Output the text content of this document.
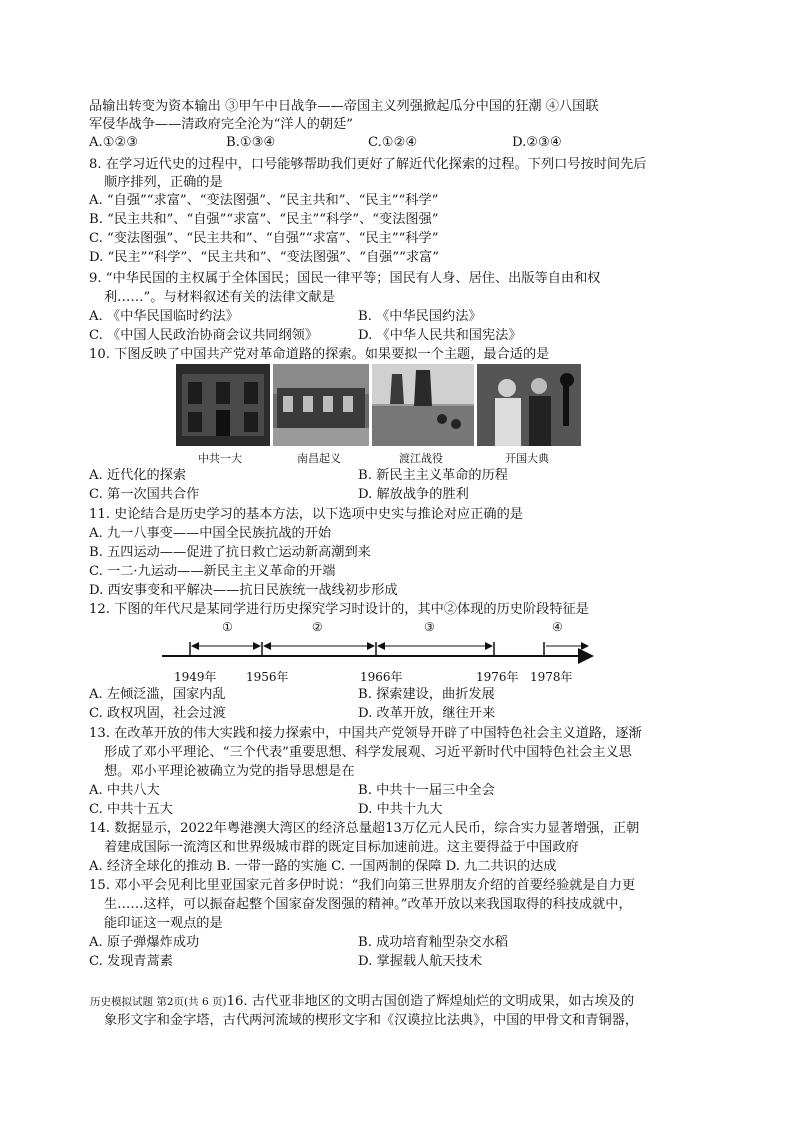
品输出转变为资本输出 ③甲午中日战争——帝国主义列强掀起瓜分中国的狂潮 ④八国联
军侵华战争——清政府完全沦为“洋人的朝廷”
A.①②③	B.①③④	C.①②④	D.②③④
8. 在学习近代史的过程中，口号能够帮助我们更好了解近代化探索的过程。下列口号按时间先后
顺序排列，正确的是
A. “自强”“求富”、“变法图强”、“民主共和”、“民主”“科学”
B. “民主共和”、“自强”“求富”、“民主”“科学”、“变法图强”
C. “变法图强”、“民主共和”、“自强”“求富”、“民主”“科学”
D. “民主”“科学”、“民主共和”、“变法图强”、“自强”“求富”
9. “中华民国的主权属于全体国民；国民一律平等；国民有人身、居住、出版等自由和权
利……”。与材料叙述有关的法律文献是
A. 《中华民国临时约法》	B. 《中华民国约法》
C. 《中国人民政治协商会议共同纲领》	D. 《中华人民共和国宪法》
10. 下图反映了中国共产党对革命道路的探索。如果要拟一个主题，最合适的是
中共一大	南昌起义	渡江战役	开国大典
A. 近代化的探索	B. 新民主主义革命的历程
C. 第一次国共合作	D. 解放战争的胜利
11. 史论结合是历史学习的基本方法，以下选项中史实与推论对应正确的是
A. 九一八事变——中国全民族抗战的开始
B. 五四运动——促进了抗日救亡运动新高潮到来
C. 一二·九运动——新民主主义革命的开端
D. 西安事变和平解决——抗日民族统一战线初步形成
12. 下图的年代尺是某同学进行历史探究学习时设计的，其中②体现的历史阶段特征是
①	②	③	④
1949年 1956年	1966年	1976年 1978年
A. 左倾泛滥，国家内乱	B. 探索建设，曲折发展
C. 政权巩固，社会过渡	D. 改革开放，继往开来
13. 在改革开放的伟大实践和接力探索中，中国共产党领导开辟了中国特色社会主义道路，逐渐
形成了邓小平理论、“三个代表”重要思想、科学发展观、习近平新时代中国特色社会主义思
想。邓小平理论被确立为党的指导思想是在
A. 中共八大	B. 中共十一届三中全会
C. 中共十五大	D. 中共十九大
14. 数据显示，2022年粤港澳大湾区的经济总量超13万亿元人民币，综合实力显著增强，正朝
着建成国际一流湾区和世界级城市群的既定目标加速前进。这主要得益于中国政府
A. 经济全球化的推动 B. 一带一路的实施 C. 一国两制的保障 D. 九二共识的达成
15. 邓小平会见利比里亚国家元首多伊时说：“我们向第三世界朋友介绍的首要经验就是自力更
生……这样，可以振奋起整个国家奋发图强的精神。”改革开放以来我国取得的科技成就中，
能印证这一观点的是
A. 原子弹爆炸成功	B. 成功培育籼型杂交水稻
C. 发现青蒿素	D. 掌握载人航天技术
历史模拟试题 第2页(共 6 页)16. 古代亚非地区的文明古国创造了辉煌灿烂的文明成果，如古埃及的
象形文字和金字塔，古代两河流域的楔形文字和《汉谟拉比法典》，中国的甲骨文和青铜器，
